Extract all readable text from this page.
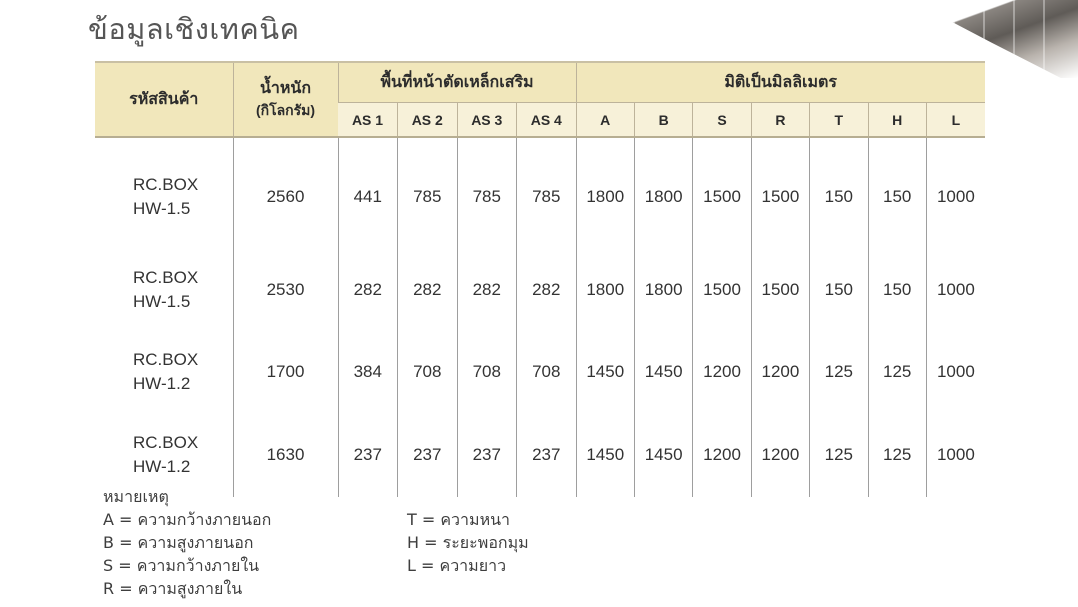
ข้อมูลเชิงเทคนิค
รหัสสินค้า	น้ำหนัก
(กิโลกรัม)	พื้นที่หน้าตัดเหล็กเสริม				มิติเป็นมิลลิเมตร						
		AS 1	AS 2	AS 3	AS 4	A	B	S	R	T	H	L

RC.BOX
HW-1.5	2560	441	785	785	785	1800	1800	1500	1500	150	150	1000

RC.BOX
HW-1.5	2530	282	282	282	282	1800	1800	1500	1500	150	150	1000

RC.BOX
HW-1.2	1700	384	708	708	708	1450	1450	1200	1200	125	125	1000

RC.BOX
HW-1.2	1630	237	237	237	237	1450	1450	1200	1200	125	125	1000
หมายเหตุ
A = ความกว้างภายนอก
B = ความสูงภายนอก
S = ความกว้างภายใน
R = ความสูงภายใน
T = ความหนา
H = ระยะพอกมุม
L = ความยาว
